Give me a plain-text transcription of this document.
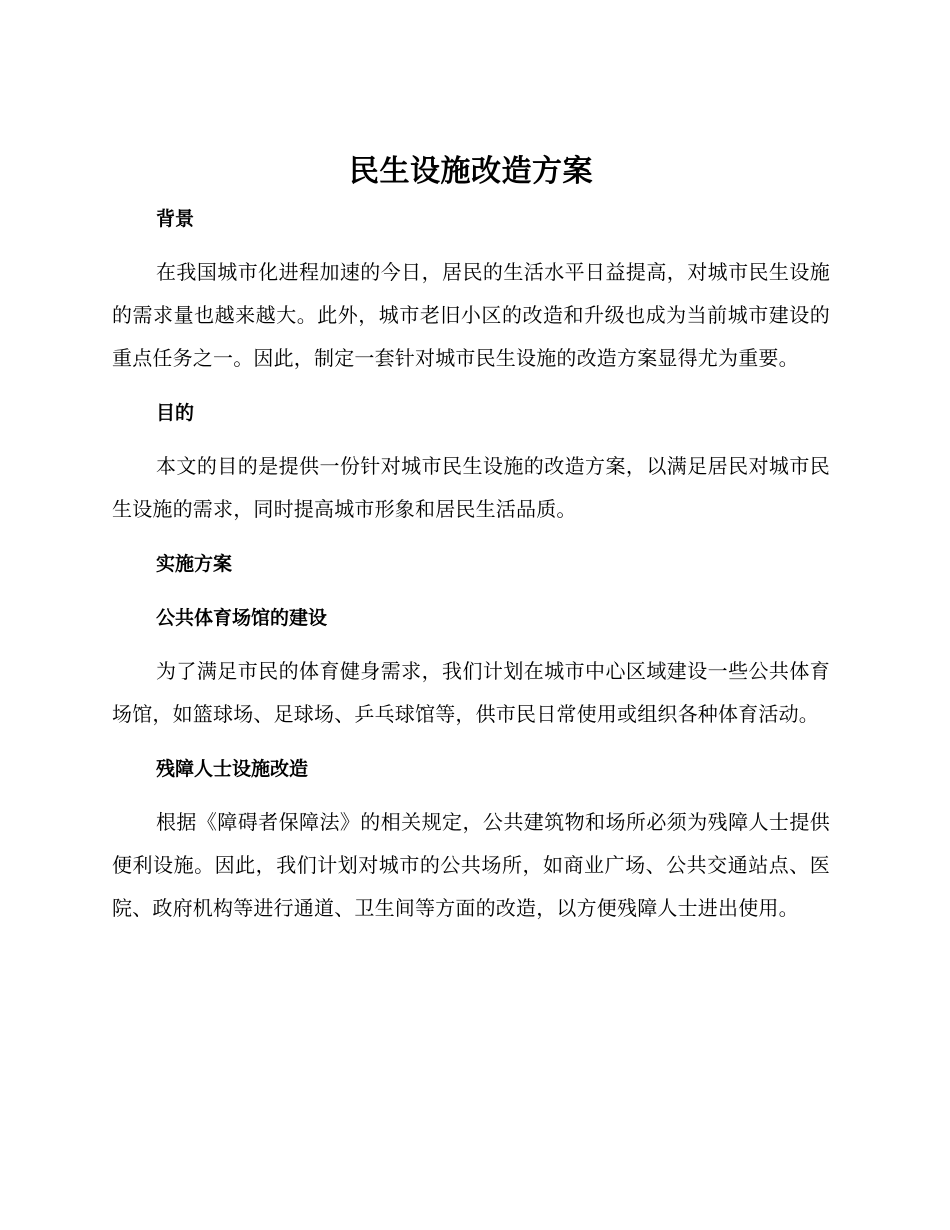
民生设施改造方案
背景

在我国城市化进程加速的今日，居民的生活水平日益提高，对城市民生设施的需求量也越来越大。此外，城市老旧小区的改造和升级也成为当前城市建设的重点任务之一。因此，制定一套针对城市民生设施的改造方案显得尤为重要。

目的

本文的目的是提供一份针对城市民生设施的改造方案，以满足居民对城市民生设施的需求，同时提高城市形象和居民生活品质。

实施方案
公共体育场馆的建设

为了满足市民的体育健身需求，我们计划在城市中心区域建设一些公共体育场馆，如篮球场、足球场、乒乓球馆等，供市民日常使用或组织各种体育活动。

残障人士设施改造

根据《障碍者保障法》的相关规定，公共建筑物和场所必须为残障人士提供便利设施。因此，我们计划对城市的公共场所，如商业广场、公共交通站点、医院、政府机构等进行通道、卫生间等方面的改造，以方便残障人士进出使用。
